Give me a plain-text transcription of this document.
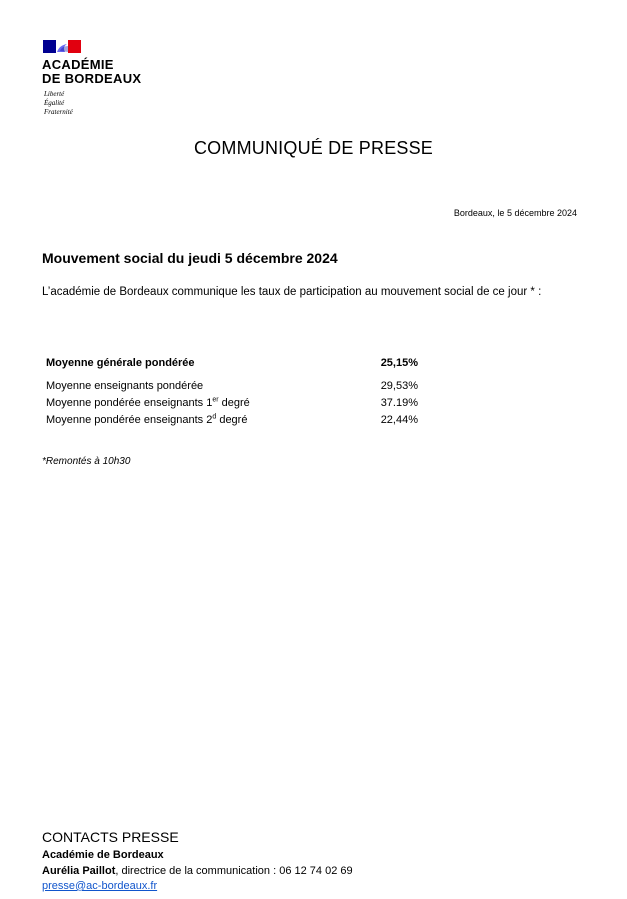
ACADÉMIE
DE BORDEAUX
Liberté
Égalité
Fraternité
COMMUNIQUÉ DE PRESSE
Bordeaux, le 5 décembre 2024
Mouvement social du jeudi 5 décembre 2024
L’académie de Bordeaux communique les taux de participation au mouvement social de ce jour * :
Moyenne générale pondérée	25,15%
Moyenne enseignants pondérée	29,53%
Moyenne pondérée enseignants 1er degré	37.19%
Moyenne pondérée enseignants 2$^d$ degré	22,44%
*Remontés à 10h30
CONTACTS PRESSE
Académie de Bordeaux
Aurélia Paillot, directrice de la communication : 06 12 74 02 69
presse@ac-bordeaux.fr
